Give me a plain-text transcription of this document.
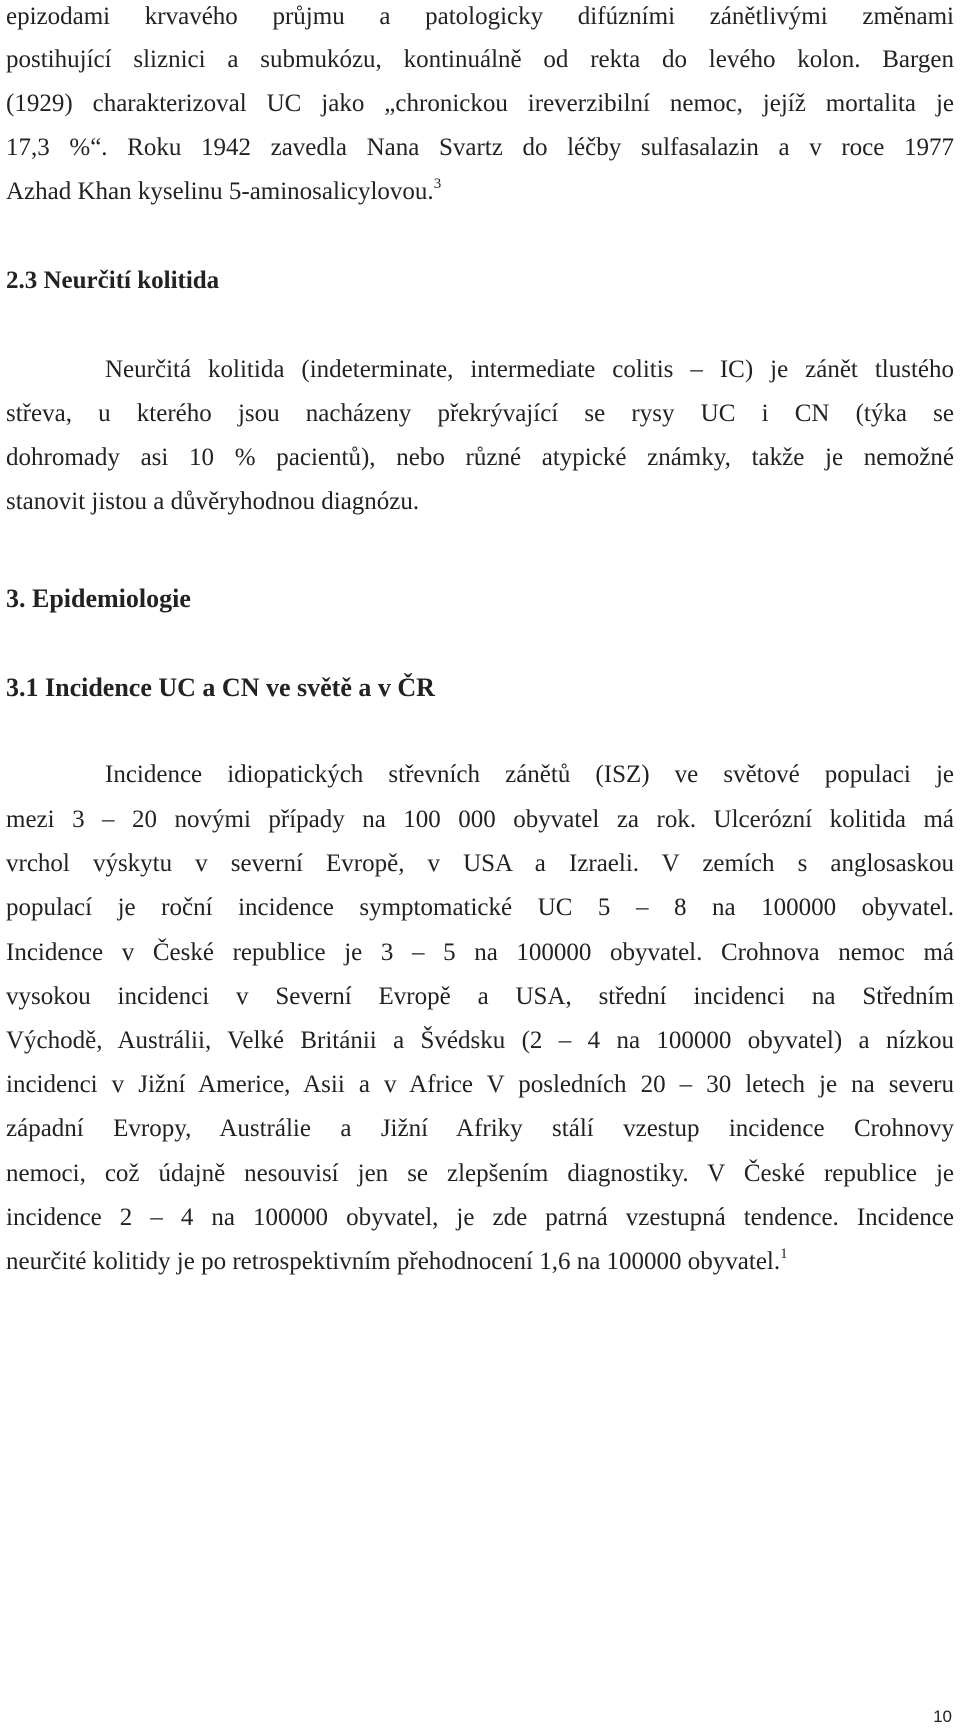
epizodami krvavého průjmu a patologicky difúzními zánětlivými změnami
postihující sliznici a submukózu, kontinuálně od rekta do levého kolon. Bargen
(1929) charakterizoval UC jako „chronickou ireverzibilní nemoc, jejíž mortalita je
17,3 %“. Roku 1942 zavedla Nana Svartz do léčby sulfasalazin a v roce 1977
Azhad Khan kyselinu 5-aminosalicylovou.$^3$
2.3 Neurčití kolitida
Neurčitá kolitida (indeterminate, intermediate colitis – IC) je zánět tlustého
střeva, u kterého jsou nacházeny překrývající se rysy UC i CN (týka se
dohromady asi 10 % pacientů), nebo různé atypické známky, takže je nemožné
stanovit jistou a důvěryhodnou diagnózu.
3. Epidemiologie
3.1 Incidence UC a CN ve světě a v ČR
Incidence idiopatických střevních zánětů (ISZ) ve světové populaci je
mezi 3 – 20 novými případy na 100 000 obyvatel za rok. Ulcerózní kolitida má
vrchol výskytu v severní Evropě, v USA a Izraeli. V zemích s anglosaskou
populací je roční incidence symptomatické UC 5 – 8 na 100000 obyvatel.
Incidence v České republice je 3 – 5 na 100000 obyvatel. Crohnova nemoc má
vysokou incidenci v Severní Evropě a USA, střední incidenci na Středním
Východě, Austrálii, Velké Británii a Švédsku (2 – 4 na 100000 obyvatel) a nízkou
incidenci v Jižní Americe, Asii a v Africe V posledních 20 – 30 letech je na severu
západní Evropy, Austrálie a Jižní Afriky stálí vzestup incidence Crohnovy
nemoci, což údajně nesouvisí jen se zlepšením diagnostiky. V České republice je
incidence 2 – 4 na 100000 obyvatel, je zde patrná vzestupná tendence. Incidence
neurčité kolitidy je po retrospektivním přehodnocení 1,6 na 100000 obyvatel.$^1$
10
